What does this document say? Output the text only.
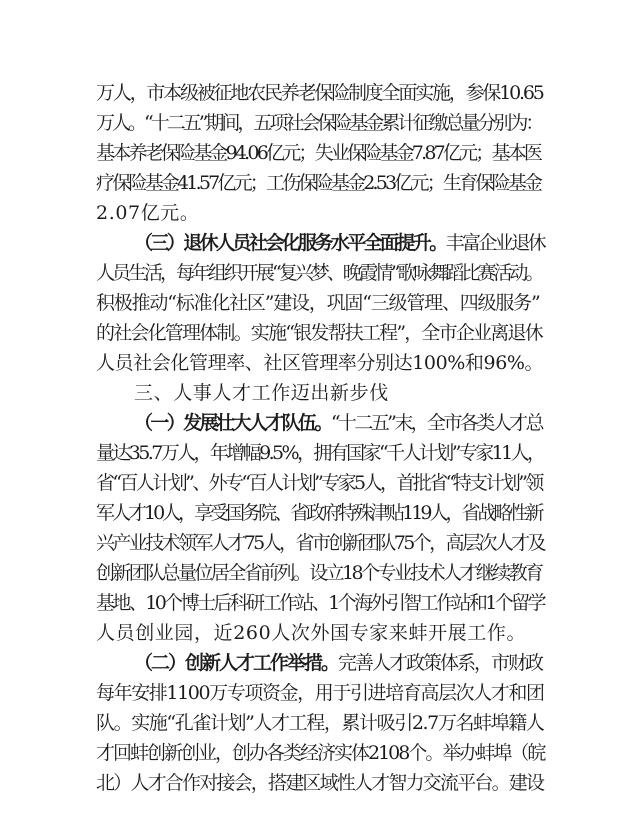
万人，市本级被征地农民养老保险制度全面实施，参保10.65
万人。“十二五”期间，五项社会保险基金累计征缴总量分别为：
基本养老保险基金94.06亿元；失业保险基金7.87亿元；基本医
疗保险基金41.57亿元；工伤保险基金2.53亿元；生育保险基金
2.07亿元。
（三）退休人员社会化服务水平全面提升。丰富企业退休
人员生活，每年组织开展“复兴梦、晚霞情”歌咏舞蹈比赛活动。
积极推动“标准化社区”建设，巩固“三级管理、四级服务”
的社会化管理体制。实施“银发帮扶工程”，全市企业离退休
人员社会化管理率、社区管理率分别达100%和96%。
三、人事人才工作迈出新步伐
（一）发展壮大人才队伍。“十二五”末，全市各类人才总
量达35.7万人，年增幅9.5%，拥有国家“千人计划”专家11人，
省“百人计划”、外专“百人计划”专家5人，首批省“特支计划”领
军人才10人，享受国务院、省政府特殊津贴119人，省战略性新
兴产业技术领军人才75人，省市创新团队75个，高层次人才及
创新团队总量位居全省前列。设立18个专业技术人才继续教育
基地、10个博士后科研工作站、1个海外引智工作站和1个留学
人员创业园，近260人次外国专家来蚌开展工作。
（二）创新人才工作举措。完善人才政策体系，市财政
每年安排1100万专项资金，用于引进培育高层次人才和团
队。实施“孔雀计划”人才工程，累计吸引2.7万名蚌埠籍人
才回蚌创新创业，创办各类经济实体2108个。举办蚌埠（皖
北）人才合作对接会，搭建区域性人才智力交流平台。建设
